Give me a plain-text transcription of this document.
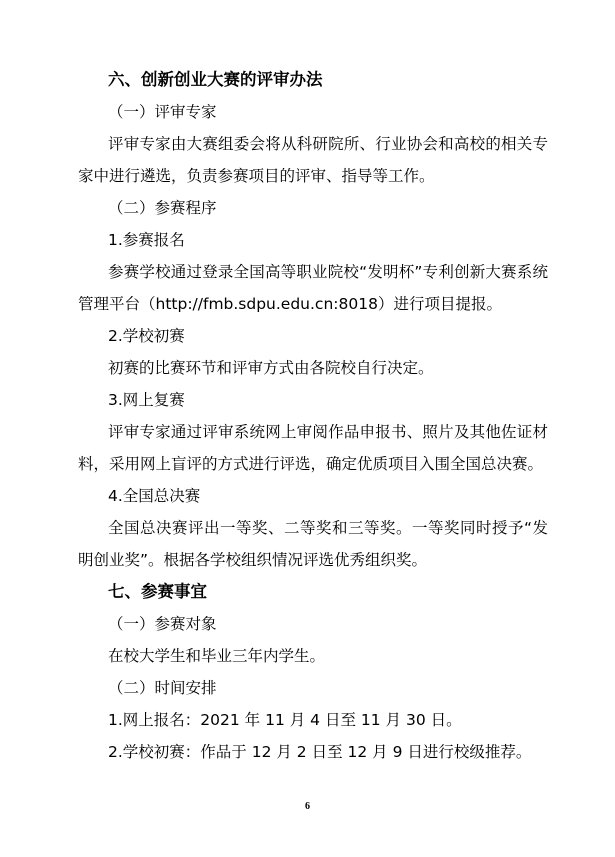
六、创新创业大赛的评审办法
（一）评审专家

评审专家由大赛组委会将从科研院所、行业协会和高校的相关专家中进行遴选，负责参赛项目的评审、指导等工作。

（二）参赛程序
1.参赛报名

参赛学校通过登录全国高等职业院校“发明杯”专利创新大赛系统管理平台（http://fmb.sdpu.edu.cn:8018）进行项目提报。

2.学校初赛

初赛的比赛环节和评审方式由各院校自行决定。

3.网上复赛

评审专家通过评审系统网上审阅作品申报书、照片及其他佐证材料，采用网上盲评的方式进行评选，确定优质项目入围全国总决赛。

4.全国总决赛

全国总决赛评出一等奖、二等奖和三等奖。一等奖同时授予“发明创业奖”。根据各学校组织情况评选优秀组织奖。

七、参赛事宜
（一）参赛对象

在校大学生和毕业三年内学生。

（二）时间安排
1.网上报名：2021 年 11 月 4 日至 11 月 30 日。
2.学校初赛：作品于 12 月 2 日至 12 月 9 日进行校级推荐。
6
